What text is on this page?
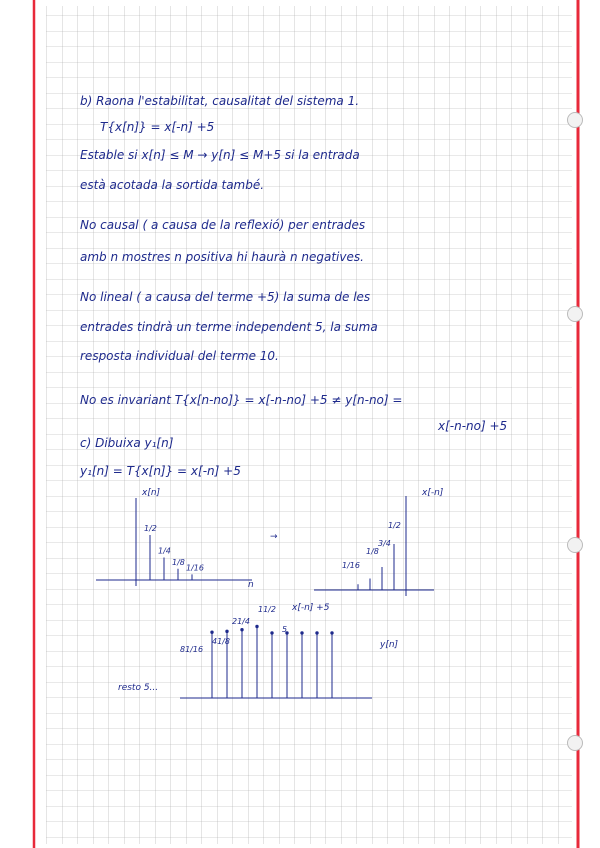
1/2
1/4
1/8
1/16
1/2
3/4
1/8
1/16
81/16
41/8
21/4
11/2
5
b) Raona l'estabilitat, causalitat del sistema 1.
T{x[n]} = x[-n] +5
Estable si x[n] ≤ M → y[n] ≤ M+5 si la entrada
està acotada la sortida també.
No causal ( a causa de la reflexió) per entrades
amb n mostres n positiva hi haurà n negatives.
No lineal ( a causa del terme +5) la suma de les
entrades tindrà un terme independent 5, la suma
resposta individual del terme 10.
No es invariant T{x[n-no]} = x[-n-no] +5 ≠ y[n-no] =
x[-n-no] +5
c) Dibuixa y₁[n]
y₁[n] = T{x[n]} = x[-n] +5
x[n]
n
→
x[-n]
x[-n] +5
y[n]
resto 5...
